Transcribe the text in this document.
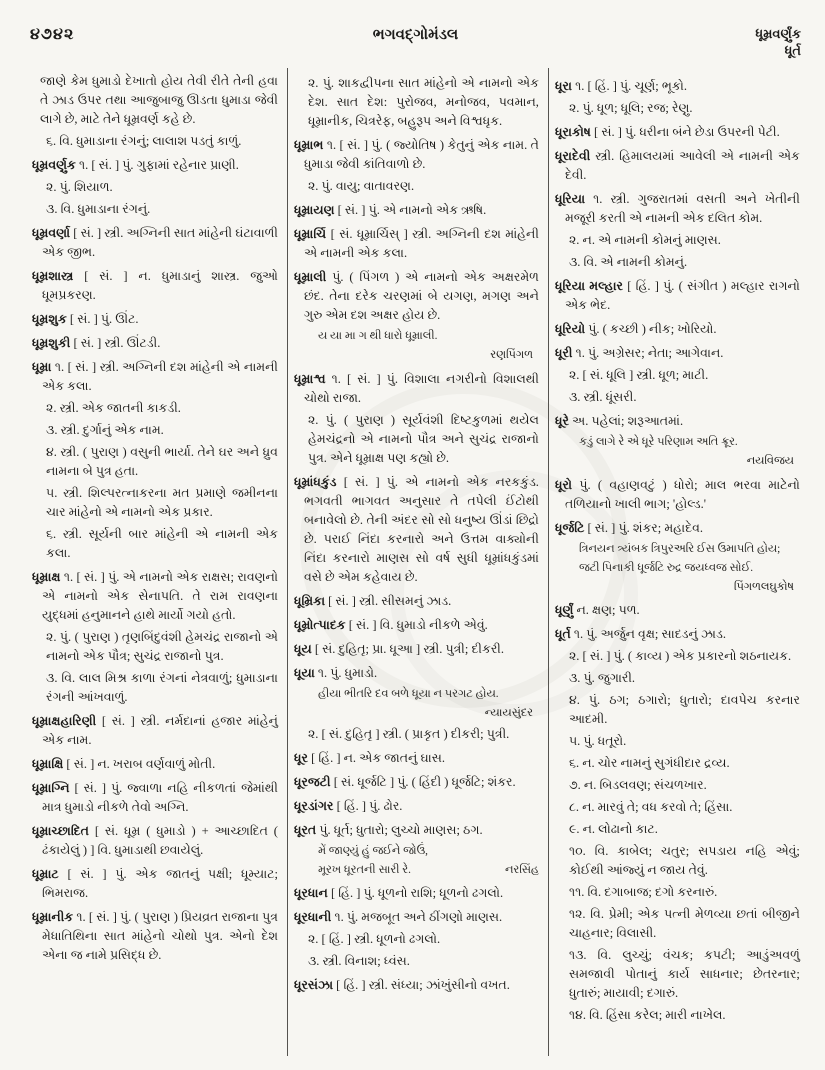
૪૭૪૨	ભગવદ્ગોમંડલ	ધૂમ્રવર્ણુંક
ધૂર્ત

જાણે કેમ ધુમાડો દેખાતો હોય તેવી રીતે તેની હવા તે ઝાડ ઉપર તથા આજુબાજુ ઊડતા ધુમાડા જેવી લાગે છે, માટે તેને ધૂમ્રવર્ણ કહે છે.

૬. વિ. ધુમાડાના રંગનું; લાલાશ પડતું કાળું.

ધૂમ્રવર્ણુક ૧. [ સં. ] પું. ગુફામાં રહેનાર પ્રાણી.

૨. પું. શિયાળ.

૩. વિ. ધુમાડાના રંગનું.

ધૂમ્રવર્ણા [ સં. ] સ્ત્રી. અગ્નિની સાત માંહેની ઘંટાવાળી એક જીભ.

ધૂમ્રશાસ્ત્ર [ સં. ] ન. ધુમાડાનું શાસ્ત્ર. જુઓ ધૂમપ્રકરણ.

ધૂમ્રશુક [ સં. ] પું. ઊંટ.

ધૂમ્રશુકી [ સં. ] સ્ત્રી. ઊંટડી.

ધૂમ્રા ૧. [ સં. ] સ્ત્રી. અગ્નિની દશ માંહેની એ નામની એક કલા.

૨. સ્ત્રી. એક જાતની કાકડી.

૩. સ્ત્રી. દુર્ગાનું એક નામ.

૪. સ્ત્રી. ( પુરાણ ) વસુની ભાર્યા. તેને ઘર અને ધ્રુવ નામના બે પુત્ર હતા.

૫. સ્ત્રી. શિલ્પરત્નાકરના મત પ્રમાણે જમીનના ચાર માંહેનો એ નામનો એક પ્રકાર.

૬. સ્ત્રી. સૂર્યની બાર માંહેની એ નામની એક કલા.

ધૂમ્રાક્ષ ૧. [ સં. ] પું. એ નામનો એક રાક્ષસ; રાવણનો એ નામનો એક સેનાપતિ. તે રામ રાવણના યુદ્ધમાં હનુમાનને હાથે માર્યો ગયો હતો.

૨. પું. ( પુરાણ ) તૃણબિંદુવંશી હેમચંદ્ર રાજાનો એ નામનો એક પૌત્ર; સુચંદ્ર રાજાનો પુત્ર.

૩. વિ. લાલ મિશ્ર કાળા રંગનાં નેત્રવાળું; ધુમાડાના રંગની આંખવાળું.

ધૂમ્રાક્ષહારિણી [ સં. ] સ્ત્રી. નર્મદાનાં હજાર માંહેનું એક નામ.

ધૂમ્રાક્ષિ [ સં. ] ન. ખરાબ વર્ણવાળું મોતી.

ધૂમ્રાગ્નિ [ સં. ] પું. જ્વાળા નહિ નીકળતાં જેમાંથી માત્ર ધુમાડો નીકળે તેવો અગ્નિ.

ધૂમ્રાચ્છાદિત [ સં. ધૂમ્ર ( ધુમાડો ) + આચ્છાદિત ( ઢંકાયેલું ) ] વિ. ધુમાડાથી છવાયેલું.

ધૂમ્રાટ [ સં. ] પું. એક જાતનું પક્ષી; ધૂમ્યાટ; ભિમરાજ.

ધૂમ્રાનીક ૧. [ સં. ] પું. ( પુરાણ ) પ્રિયવ્રત રાજાના પુત્ર મેધાતિથિના સાત માંહેનો ચોથો પુત્ર. એનો દેશ એના જ નામે પ્રસિદ્ધ છે.

૨. પું. શાકદ્વીપના સાત માંહેનો એ નામનો એક દેશ. સાત દેશ: પુરોજવ, મનોજવ, પવમાન, ધૂમ્રાનીક, ચિત્રરેફ, બહુરૂપ અને વિશ્વધૃક.

ધૂમ્રાભ ૧. [ સં. ] પું. ( જ્યોતિષ ) કેતુનું એક નામ. તે ધુમાડા જેવી કાંતિવાળો છે.

૨. પું. વાયુ; વાતાવરણ.

ધૂમ્રાયણ [ સં. ] પું. એ નામનો એક ઋષિ.

ધૂમ્રાર્ચિ [ સં. ધૂમ્રાર્ચિસ્ ] સ્ત્રી. અગ્નિની દશ માંહેની એ નામની એક કલા.

ધૂમ્રાલી પું. ( પિંગળ ) એ નામનો એક અક્ષરમેળ છંદ. તેના દરેક ચરણમાં બે યગણ, મગણ અને ગુરુ એમ દશ અક્ષર હોય છે.

ય યા મા ગ થી ધારો ધૂમ્રાલી.

રણપિંગળ

ધૂમ્રાશ્વ ૧. [ સં. ] પું. વિશાલા નગરીનો વિશાલથી ચોથો રાજા.

૨. પું. ( પુરાણ ) સૂર્યવંશી દિષ્ટકુળમાં થયેલ હેમચંદ્રનો એ નામનો પૌત્ર અને સુચંદ્ર રાજાનો પુત્ર. એને ધૂમ્રાક્ષ પણ કહ્યો છે.

ધૂમ્રાંધકુંડ [ સં. ] પું. એ નામનો એક નરકકુંડ. ભગવતી ભાગવત અનુસાર તે તપેલી ઈંટોથી બનાવેલો છે. તેની અંદર સો સો ધનુષ્ય ઊંડાં છિદ્રો છે. પરાઈ નિંદા કરનારો અને ઉત્તમ વાક્યોની નિંદા કરનારો માણસ સો વર્ષ સુધી ધૂમ્રાંધકુંડમાં વસે છે એમ કહેવાય છે.

ધૂમ્રિકા [ સં. ] સ્ત્રી. સીસમનું ઝાડ.

ધૂમ્રોત્પાદક [ સં. ] વિ. ધુમાડો નીકળે એવું.

ધૂય [ સં. દુહિતૃ; પ્રા. ધૂઆ ] સ્ત્રી. પુત્રી; દીકરી.

ધૂયા ૧. પું. ધુમાડો.

હીયા ભીતરિ દવ બળે ધૂયા ન પરગટ હોય.

ન્યાયસુંદર

૨. [ સં. દુહિતૃ ] સ્ત્રી. ( પ્રાકૃત ) દીકરી; પુત્રી.

ધૂર [ હિં. ] ન. એક જાતનું ઘાસ.

ધૂરજટી [ સં. ધૂર્જટિ ] પું. ( હિંદી ) ધૂર્જટિ; શંકર.

ધૂરડાંગર [ હિં. ] પું. ઢોર.

ધૂરત પું. ધૂર્ત; ધુતારો; લુચ્ચો માણસ; ઠગ.

મેં જાણ્યું હું જઈને જોઉં,

નરસિંહ
મૂરખ ધૂરતની સારી રે.

ધૂરધાન [ હિં. ] પું. ધૂળનો રાશિ; ધૂળનો ઢગલો.

ધૂરધાની ૧. પું. મજબૂત અને ઠીંગણો માણસ.

૨. [ હિં. ] સ્ત્રી. ધૂળનો ઢગલો.

૩. સ્ત્રી. વિનાશ; ધ્વંસ.

ધૂરસંઝા [ હિં. ] સ્ત્રી. સંધ્યા; ઝાંખુંસીનો વખત.

ધૂરા ૧. [ હિં. ] પું. ચૂર્ણ; ભૂકો.

૨. પું. ધૂળ; ધૂલિ; રજ; રેણુ.

ધૂરાકોષ [ સં. ] પું. ધરીના બંને છેડા ઉપરની પેટી.

ધૂરાદેવી સ્ત્રી. હિમાલયમાં આવેલી એ નામની એક દેવી.

ધૂરિયા ૧. સ્ત્રી. ગુજરાતમાં વસતી અને ખેતીની મજૂરી કરતી એ નામની એક દલિત કોમ.

૨. ન. એ નામની કોમનું માણસ.

૩. વિ. એ નામની કોમનું.

ધૂરિયા મલ્હાર [ હિં. ] પું. ( સંગીત ) મલ્હાર રાગનો એક ભેદ.

ધૂરિયો પું. ( કચ્છી ) નીક; ખોરિયો.

ધૂરી ૧. પું. અગ્રેસર; નેતા; આગેવાન.

૨. [ સં. ધૂલિ ] સ્ત્રી. ધૂળ; માટી.

૩. સ્ત્રી. ધૂંસરી.

ધૂરે અ. પહેલાં; શરૂઆતમાં.

કડું લાગે રે એ ધૂરે પરિણામ અતિ ક્રૂર.

નયવિજય

ધૂરો પું. ( વહાણવટું ) ધોરો; માલ ભરવા માટેનો તળિયાનો ખાલી ભાગ; 'હોલ્ડ.'

ધૂર્જટિ [ સં. ] પું. શંકર; મહાદેવ.

ત્રિનયન ત્ર્યંબક ત્રિપુરઅરિ ઈસ ઉમાપતિ હોય;

જટી પિનાકી ધૂર્જટિ રુદ્ર જયધ્વજ સોઈ.

પિંગળલઘુકોષ

ધૂર્ણું ન. ક્ષણ; પળ.

ધૂર્ત ૧. પું. અર્જુન વૃક્ષ; સાદડનું ઝાડ.

૨. [ સં. ] પું. ( કાવ્ય ) એક પ્રકારનો શઠનાયક.

૩. પું. જુગારી.

૪. પું. ઠગ; ઠગારો; ધુતારો; દાવપેચ કરનાર આદમી.

૫. પું. ધતૂરો.

૬. ન. ચોર નામનું સુગંધીદાર દ્રવ્ય.

૭. ન. બિડલવણ; સંચળખાર.

૮. ન. મારવું તે; વધ કરવો તે; હિંસા.

૯. ન. લોઢાનો કાટ.

૧૦. વિ. કાબેલ; ચતુર; સપડાય નહિ એવું; કોઈથી આંજ્યું ન જાય તેવું.

૧૧. વિ. દગાબાજ; દગો કરનારું.

૧૨. વિ. પ્રેમી; એક પત્ની મેળવ્યા છતાં બીજીને ચાહનાર; વિલાસી.

૧૩. વિ. લુચ્ચું; વંચક; કપટી; આડુંઅવળું સમજાવી પોતાનું કાર્ય સાધનાર; છેતરનાર; ધુતારું; માયાવી; દગારું.

૧૪. વિ. હિંસા કરેલ; મારી નાખેલ.
